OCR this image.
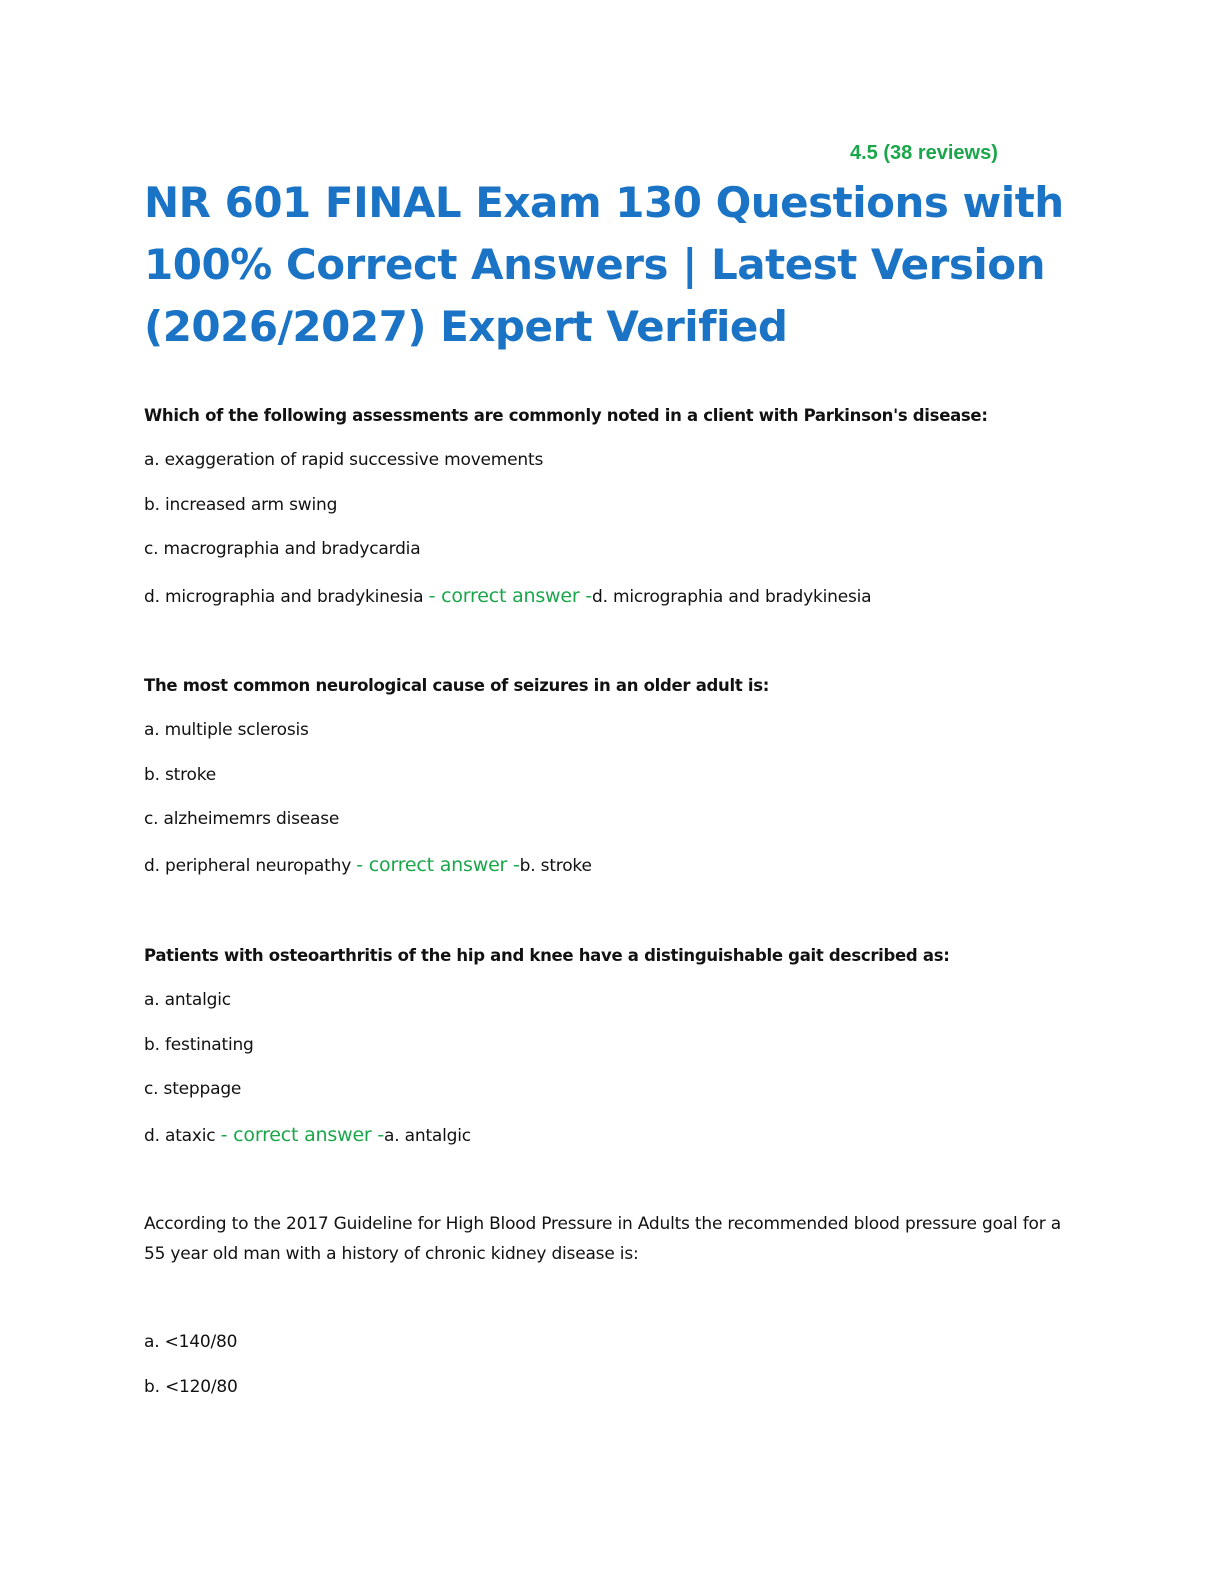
4.5 (38 reviews)
NR 601 FINAL Exam 130 Questions with 100% Correct Answers | Latest Version (2026/2027) Expert Verified

Which of the following assessments are commonly noted in a client with Parkinson's disease:

a. exaggeration of rapid successive movements

b. increased arm swing

c. macrographia and bradycardia

d. micrographia and bradykinesia - correct answer -d. micrographia and bradykinesia

The most common neurological cause of seizures in an older adult is:

a. multiple sclerosis

b. stroke

c. alzheimemrs disease

d. peripheral neuropathy - correct answer -b. stroke

Patients with osteoarthritis of the hip and knee have a distinguishable gait described as:

a. antalgic

b. festinating

c. steppage

d. ataxic - correct answer -a. antalgic

According to the 2017 Guideline for High Blood Pressure in Adults the recommended blood pressure goal for a 55 year old man with a history of chronic kidney disease is:

a. <140/80

b. <120/80
